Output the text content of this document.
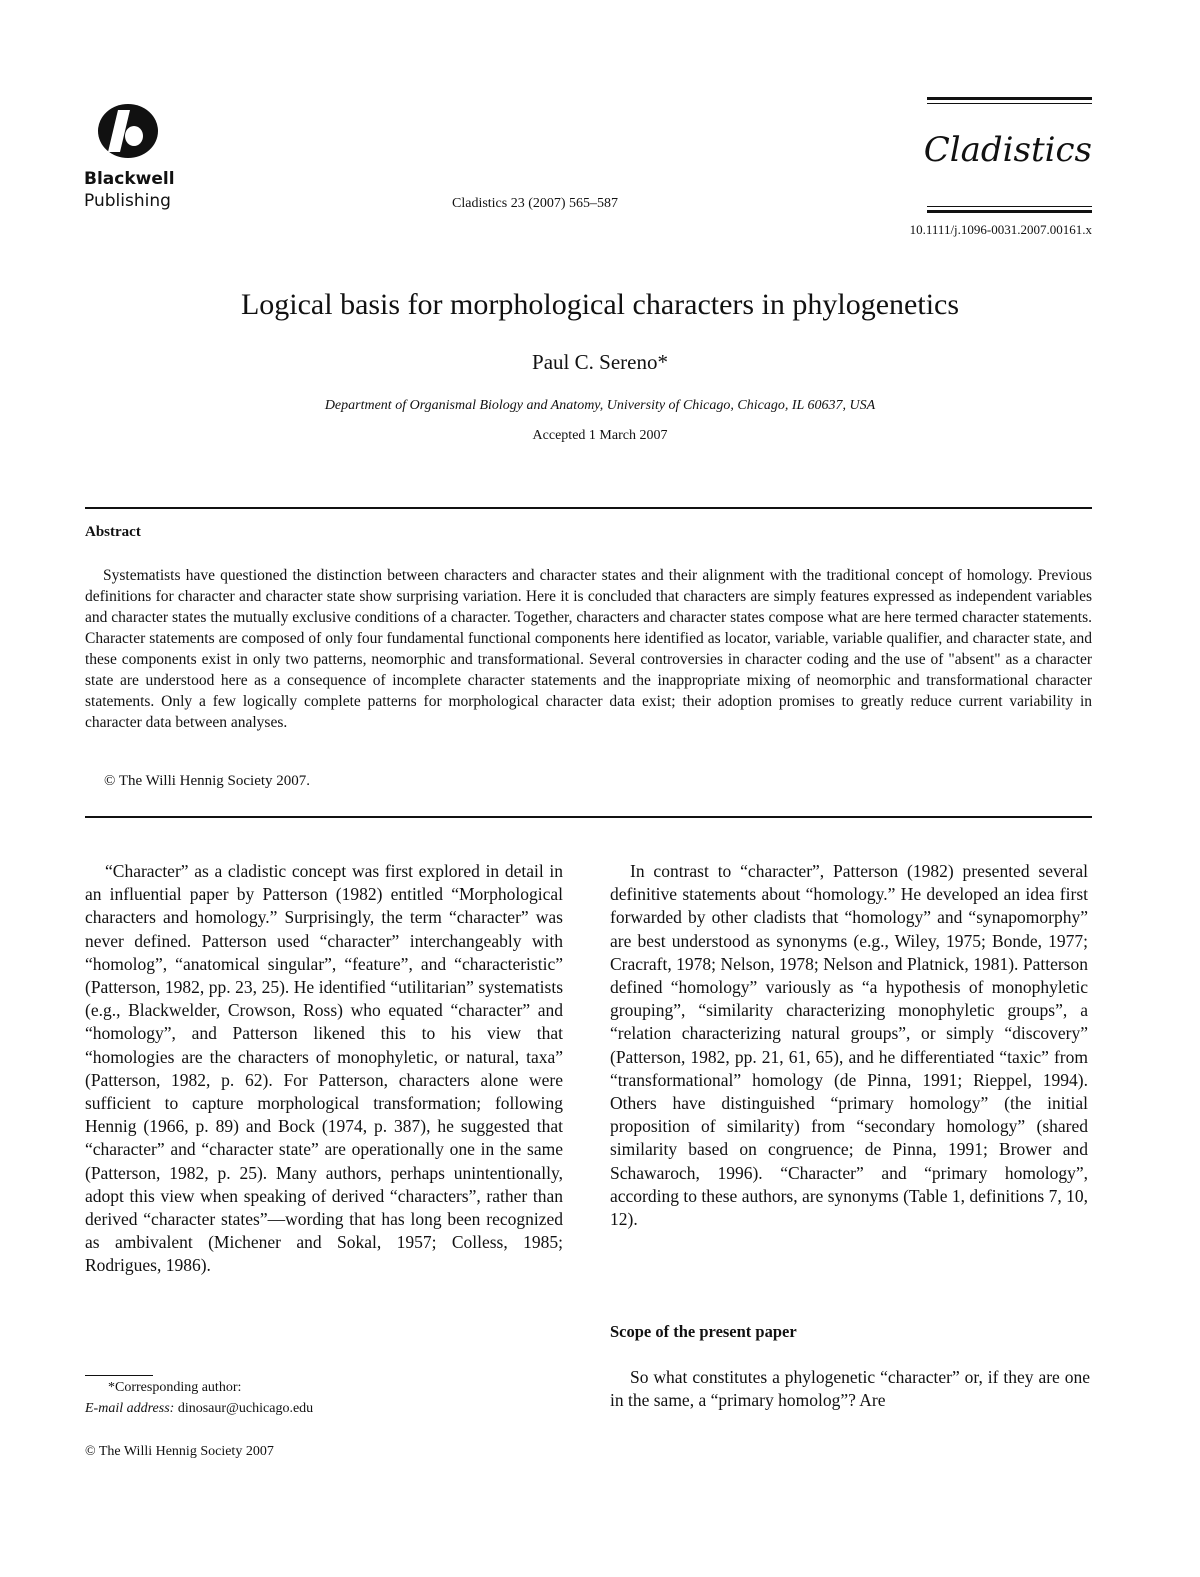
Blackwell
Publishing	Cladistics 23 (2007) 565–587
Cladistics
10.1111/j.1096-0031.2007.00161.x
Logical basis for morphological characters in phylogenetics
Paul C. Sereno*
Department of Organismal Biology and Anatomy, University of Chicago, Chicago, IL 60637, USA
Accepted 1 March 2007
Abstract
Systematists have questioned the distinction between characters and character states and their alignment with the traditional concept of homology. Previous definitions for character and character state show surprising variation. Here it is concluded that characters are simply features expressed as independent variables and character states the mutually exclusive conditions of a character. Together, characters and character states compose what are here termed character statements. Character statements are composed of only four fundamental functional components here identified as locator, variable, variable qualifier, and character state, and these components exist in only two patterns, neomorphic and transformational. Several controversies in character coding and the use of "absent" as a character state are understood here as a consequence of incomplete character statements and the inappropriate mixing of neomorphic and transformational character statements. Only a few logically complete patterns for morphological character data exist; their adoption promises to greatly reduce current variability in character data between analyses.
© The Willi Hennig Society 2007.

“Character” as a cladistic concept was first explored in detail in an influential paper by Patterson (1982) entitled “Morphological characters and homology.” Surprisingly, the term “character” was never defined. Patterson used “character” interchangeably with “homolog”, “anatomical singular”, “feature”, and “characteristic” (Patterson, 1982, pp. 23, 25). He identified “utilitarian” systematists (e.g., Blackwelder, Crowson, Ross) who equated “character” and “homology”, and Patterson likened this to his view that “homologies are the characters of monophyletic, or natural, taxa” (Patterson, 1982, p. 62). For Patterson, characters alone were sufficient to capture morphological transformation; following Hennig (1966, p. 89) and Bock (1974, p. 387), he suggested that “character” and “character state” are operationally one in the same (Patterson, 1982, p. 25). Many authors, perhaps unintentionally, adopt this view when speaking of derived “characters”, rather than derived “character states”—wording that has long been recognized as ambivalent (Michener and Sokal, 1957; Colless, 1985; Rodrigues, 1986).

In contrast to “character”, Patterson (1982) presented several definitive statements about “homology.” He developed an idea first forwarded by other cladists that “homology” and “synapomorphy” are best understood as synonyms (e.g., Wiley, 1975; Bonde, 1977; Cracraft, 1978; Nelson, 1978; Nelson and Platnick, 1981). Patterson defined “homology” variously as “a hypothesis of monophyletic grouping”, “similarity characterizing monophyletic groups”, a “relation characterizing natural groups”, or simply “discovery” (Patterson, 1982, pp. 21, 61, 65), and he differentiated “taxic” from “transformational” homology (de Pinna, 1991; Rieppel, 1994). Others have distinguished “primary homology” (the initial proposition of similarity) from “secondary homology” (shared similarity based on congruence; de Pinna, 1991; Brower and Schawaroch, 1996). “Character” and “primary homology”, according to these authors, are synonyms (Table 1, definitions 7, 10, 12).

Scope of the present paper
So what constitutes a phylogenetic “character” or, if they are one in the same, a “primary homolog”? Are
*Corresponding author:
E-mail address: dinosaur@uchicago.edu
© The Willi Hennig Society 2007
